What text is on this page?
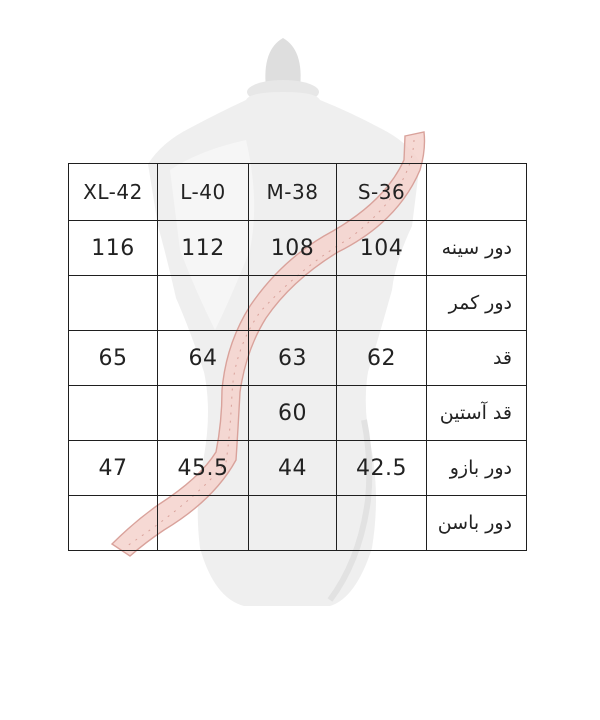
XL-42	L-40	M-38	S-36	
116	112	108	104	دور سینه
				دور کمر
65	64	63	62	قد
		60		قد آستین
47	45.5	44	42.5	دور بازو
				دور باسن
